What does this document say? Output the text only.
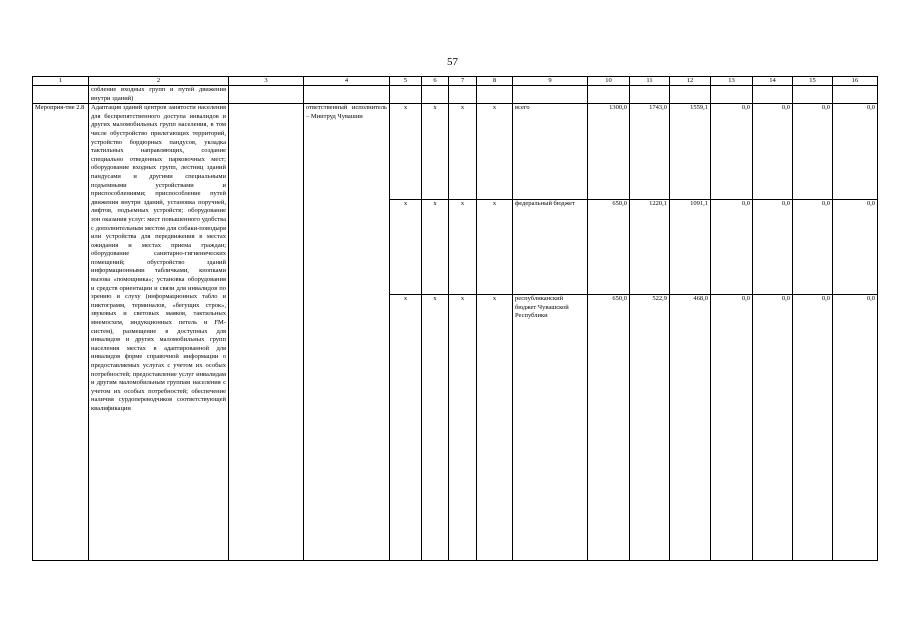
57
1	2	3	4	5	6	7	8	9	10	11	12	13	14	15	16
	собление входных групп и путей движения внутри зданий)														
Мероприя-тие 2.8	Адаптация зданий центров занятости населения для беспрепятственного доступа инвалидов и других маломобильных групп населения, в том числе обустройство прилегающих территорий, устройство бордюрных пандусов, укладка тактильных направляющих, создание специально отведенных парковочных мест; оборудование входных групп, лестниц зданий пандусами и другими специальными подъемными устройствами и приспособлениями; приспособление путей движения внутри зданий, установка поручней, лифтов, подъемных устройств; оборудование зон оказания услуг: мест повышенного удобства с дополнительным местом для собаки-поводыря или устройства для передвижения в местах ожидания и местах приема граждан; оборудование санитарно-гигиенических помещений; обустройство зданий информационными табличками, кнопками вызова «помощника»; установка оборудования и средств ориентации и связи для инвалидов по зрению и слуху (информационных табло и пиктограмм, терминалов, «бегущих строк», звуковых и световых маяков, тактильных мнемосхем, индукционных петель и FM-систем), размещение в доступных для инвалидов и других маломобильных групп населения местах в адаптированной для инвалидов форме справочной информации о предоставляемых услугах с учетом их особых потребностей; предоставление услуг инвалидам и другим маломобильным группам населения с учетом их особых потребностей; обеспечение наличия сурдопереводчиков соответствующей квалификации		ответственный исполнитель – Минтруд Чувашии	x	x	x	x	всего	1300,0	1743,0	1559,1	0,0	0,0	0,0	0,0
				x	x	x	x	федеральный бюджет	650,0	1220,1	1091,1	0,0	0,0	0,0	0,0
				x	x	x	x	республиканский бюджет Чувашской Республики	650,0	522,9	468,0	0,0	0,0	0,0	0,0
